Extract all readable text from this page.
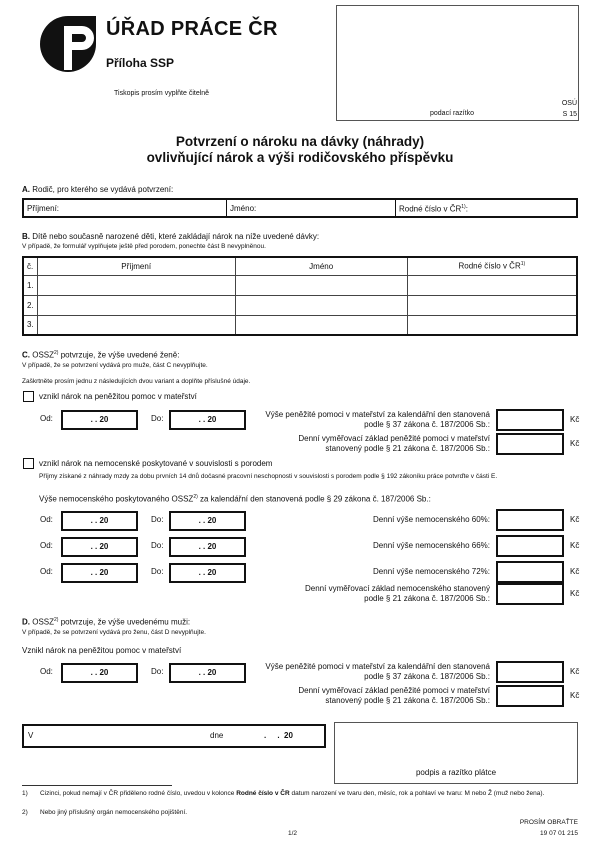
ÚŘAD PRÁCE ČR
Příloha SSP
Tiskopis prosím vyplňte čitelně
podací razítko
OSÚ
S 15
Potvrzení o nároku na dávky (náhrady)
ovlivňující nárok a výši rodičovského příspěvku
A. Rodič, pro kterého se vydává potvrzení:
Příjmení:	Jméno:	Rodné číslo v ČR$^{1)}$:
B. Dítě nebo současně narozené děti, které zakládají nárok na níže uvedené dávky:
V případě, že formulář vyplňujete ještě před porodem, ponechte část B nevyplněnou.
č.	Příjmení	Jméno	Rodné číslo v ČR$^{1)}$
1.			
2.			
3.			
C. OSSZ$^{2)}$ potvrzuje, že výše uvedené ženě:
V případě, že se potvrzení vydává pro muže, část C nevyplňujte.
Zaškrtněte prosím jednu z následujících dvou variant a doplňte příslušné údaje.
vznikl nárok na peněžitou pomoc v mateřství
Od:	. . 20	Do:	. . 20
Výše peněžité pomoci v mateřství za kalendářní den stanovená podle § 37 zákona č. 187/2006 Sb.:
Kč
Denní vyměřovací základ peněžité pomoci v mateřství stanovený podle § 21 zákona č. 187/2006 Sb.:
Kč
vznikl nárok na nemocenské poskytované v souvislosti s porodem
Příjmy získané z náhrady mzdy za dobu prvních 14 dnů dočasné pracovní neschopnosti v souvislosti s porodem podle § 192 zákoníku práce potvrďte v části E.
Výše nemocenského poskytovaného OSSZ$^{2)}$ za kalendářní den stanovená podle § 29 zákona č. 187/2006 Sb.:
Od:	. . 20	Do:	. . 20	Denní výše nemocenského 60%:	Kč
Od:	. . 20	Do:	. . 20	Denní výše nemocenského 66%:	Kč
Od:	. . 20	Do:	. . 20	Denní výše nemocenského 72%:	Kč
Denní vyměřovací základ nemocenského stanovený podle § 21 zákona č. 187/2006 Sb.:
Kč
D. OSSZ$^{2)}$ potvrzuje, že výše uvedenému muži:
V případě, že se potvrzení vydává pro ženu, část D nevyplňujte.
Vznikl nárok na peněžitou pomoc v mateřství
Od:	. . 20	Do:	. . 20
Výše peněžité pomoci v mateřství za kalendářní den stanovená podle § 37 zákona č. 187/2006 Sb.:
Kč
Denní vyměřovací základ peněžité pomoci v mateřství stanovený podle § 21 zákona č. 187/2006 Sb.:
Kč
V	dne	.     .  20
podpis a razítko plátce
1) Cizinci, pokud nemají v ČR přiděleno rodné číslo, uvedou v kolonce Rodné číslo v ČR datum narození ve tvaru den, měsíc, rok a pohlaví ve tvaru: M nebo Ž (muž nebo žena).
2) Nebo jiný příslušný orgán nemocenského pojištění.
PROSÍM OBRAŤTE
1/2	19 07 01 215
